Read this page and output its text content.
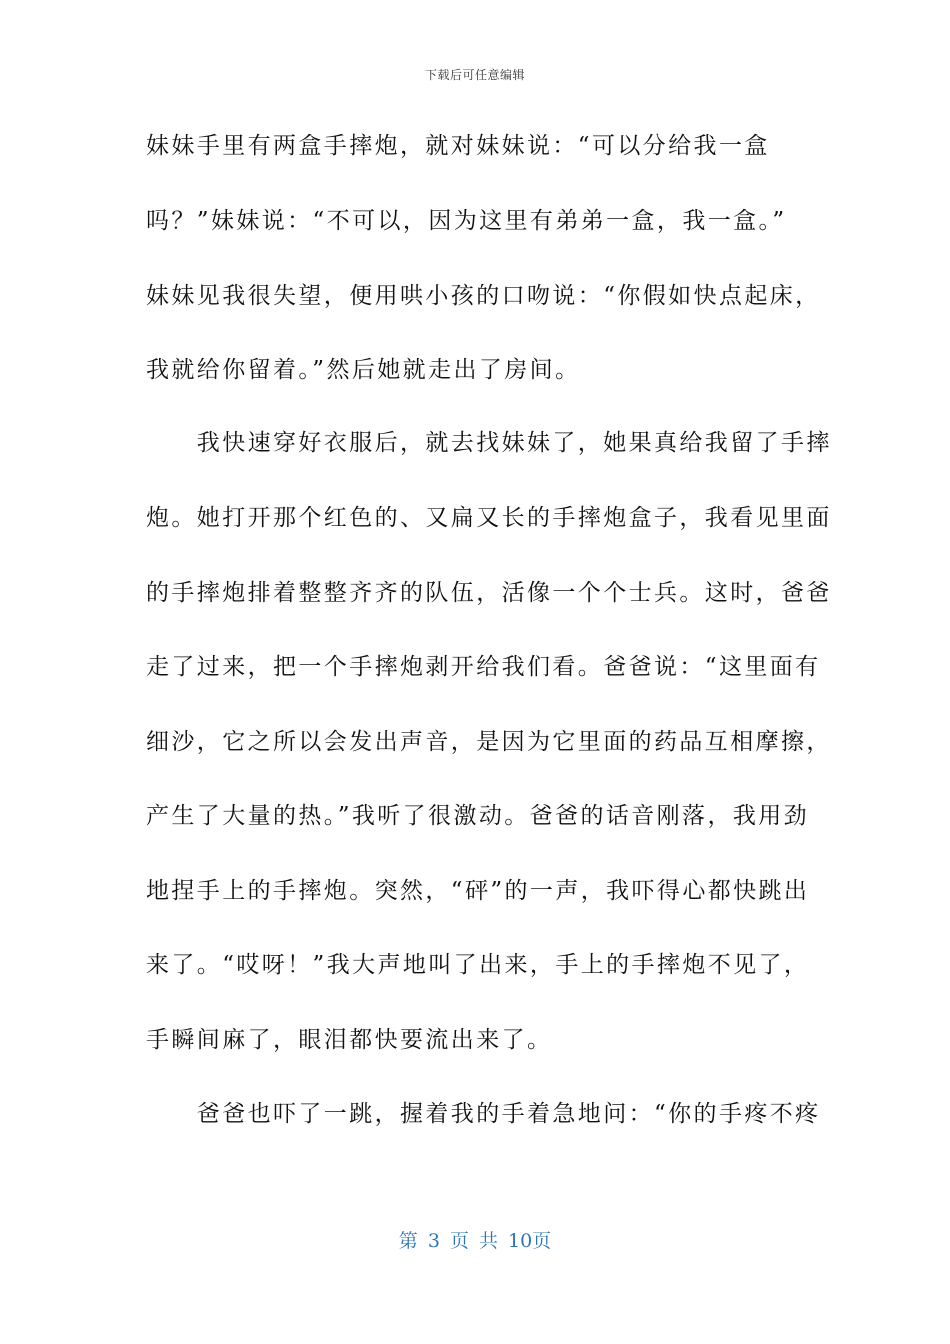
下载后可任意编辑
妹妹手里有两盒手摔炮，就对妹妹说：“可以分给我一盒
吗？”妹妹说：“不可以，因为这里有弟弟一盒，我一盒。”
妹妹见我很失望，便用哄小孩的口吻说：“你假如快点起床，
我就给你留着。”然后她就走出了房间。
　　我快速穿好衣服后，就去找妹妹了，她果真给我留了手摔
炮。她打开那个红色的、又扁又长的手摔炮盒子，我看见里面
的手摔炮排着整整齐齐的队伍，活像一个个士兵。这时，爸爸
走了过来，把一个手摔炮剥开给我们看。爸爸说：“这里面有
细沙，它之所以会发出声音，是因为它里面的药品互相摩擦，
产生了大量的热。”我听了很激动。爸爸的话音刚落，我用劲
地捏手上的手摔炮。突然，“砰”的一声，我吓得心都快跳出
来了。“哎呀！”我大声地叫了出来，手上的手摔炮不见了，
手瞬间麻了，眼泪都快要流出来了。
　　爸爸也吓了一跳，握着我的手着急地问：“你的手疼不疼
第 3 页 共 10页
